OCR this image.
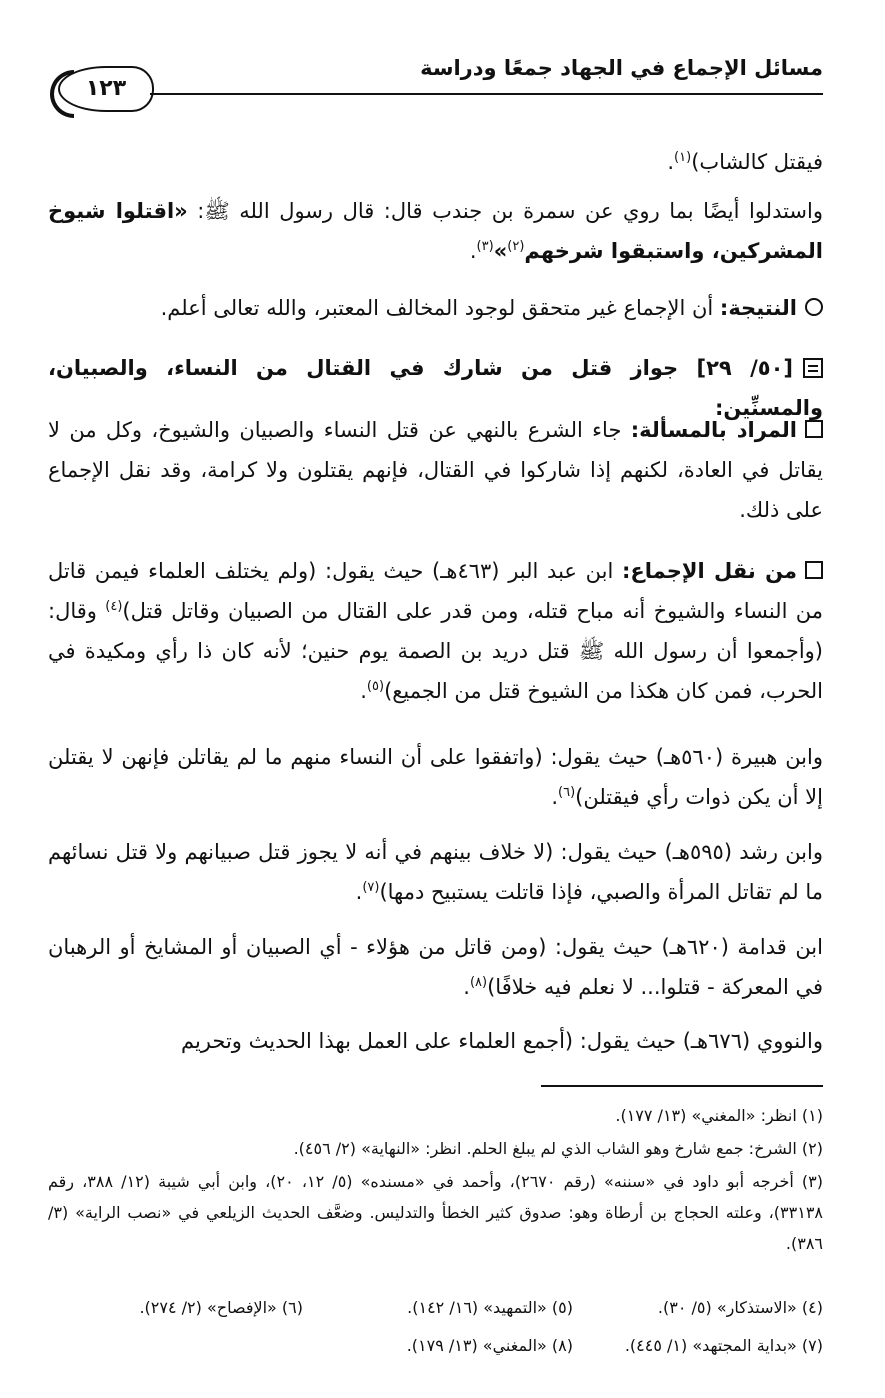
مسائل الإجماع في الجهاد جمعًا ودراسة
١٢٣
فيقتل كالشاب)$^{(١)}$.
واستدلوا أيضًا بما روي عن سمرة بن جندب قال: قال رسول الله ﷺ: «اقتلوا شيوخ المشركين، واستبقوا شرخهم$^{(٢)}$»$^{(٣)}$.
النتيجة: أن الإجماع غير متحقق لوجود المخالف المعتبر، والله تعالى أعلم.
[٥٠/ ٢٩] جواز قتل من شارك في القتال من النساء، والصبيان، والمسنِّين:
المراد بالمسألة: جاء الشرع بالنهي عن قتل النساء والصبيان والشيوخ، وكل من لا يقاتل في العادة، لكنهم إذا شاركوا في القتال، فإنهم يقتلون ولا كرامة، وقد نقل الإجماع على ذلك.
من نقل الإجماع: ابن عبد البر (٤٦٣هـ) حيث يقول: (ولم يختلف العلماء فيمن قاتل من النساء والشيوخ أنه مباح قتله، ومن قدر على القتال من الصبيان وقاتل قتل)$^{(٤)}$ وقال: (وأجمعوا أن رسول الله ﷺ قتل دريد بن الصمة يوم حنين؛ لأنه كان ذا رأي ومكيدة في الحرب، فمن كان هكذا من الشيوخ قتل من الجميع)$^{(٥)}$.
وابن هبيرة (٥٦٠هـ) حيث يقول: (واتفقوا على أن النساء منهم ما لم يقاتلن فإنهن لا يقتلن إلا أن يكن ذوات رأي فيقتلن)$^{(٦)}$.
وابن رشد (٥٩٥هـ) حيث يقول: (لا خلاف بينهم في أنه لا يجوز قتل صبيانهم ولا قتل نسائهم ما لم تقاتل المرأة والصبي، فإذا قاتلت يستبيح دمها)$^{(٧)}$.
ابن قدامة (٦٢٠هـ) حيث يقول: (ومن قاتل من هؤلاء - أي الصبيان أو المشايخ أو الرهبان في المعركة - قتلوا... لا نعلم فيه خلافًا)$^{(٨)}$.
والنووي (٦٧٦هـ) حيث يقول: (أجمع العلماء على العمل بهذا الحديث وتحريم
(١) انظر: «المغني» (١٣/ ١٧٧).
(٢) الشرخ: جمع شارخ وهو الشاب الذي لم يبلغ الحلم. انظر: «النهاية» (٢/ ٤٥٦).
(٣) أخرجه أبو داود في «سننه» (رقم ٢٦٧٠)، وأحمد في «مسنده» (٥/ ١٢، ٢٠)، وابن أبي شيبة (١٢/ ٣٨٨، رقم ٣٣١٣٨)، وعلته الحجاج بن أرطاة وهو: صدوق كثير الخطأ والتدليس. وضعَّف الحديث الزيلعي في «نصب الراية» (٣/ ٣٨٦).
(٤) «الاستذكار» (٥/ ٣٠).
(٥) «التمهيد» (١٦/ ١٤٢).
(٦) «الإفصاح» (٢/ ٢٧٤).
(٧) «بداية المجتهد» (١/ ٤٤٥).
(٨) «المغني» (١٣/ ١٧٩).
